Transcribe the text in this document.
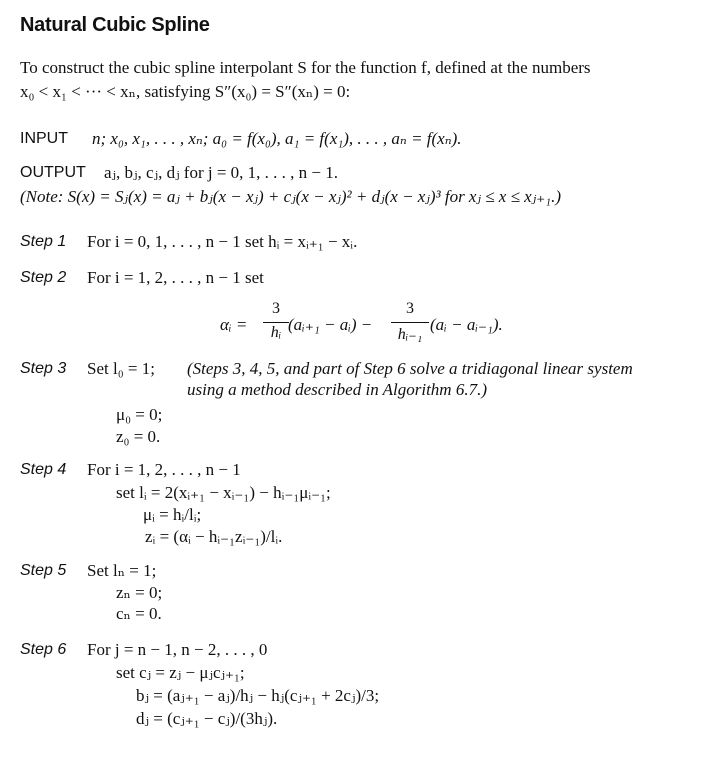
Natural Cubic Spline
To construct the cubic spline interpolant S for the function f, defined at the numbers
x₀ < x₁ < ··· < xₙ, satisfying S″(x₀) = S″(xₙ) = 0:
INPUT n; x₀, x₁, . . . , xₙ; a₀ = f(x₀), a₁ = f(x₁), . . . , aₙ = f(xₙ).
OUTPUT aⱼ, bⱼ, cⱼ, dⱼ for j = 0, 1, . . . , n − 1.
(Note: S(x) = Sⱼ(x) = aⱼ + bⱼ(x − xⱼ) + cⱼ(x − xⱼ)² + dⱼ(x − xⱼ)³ for xⱼ ≤ x ≤ xⱼ₊₁.)
Step 1 For i = 0, 1, . . . , n − 1 set hᵢ = xᵢ₊₁ − xᵢ.
Step 2 For i = 1, 2, . . . , n − 1 set
αᵢ =
3
hᵢ (aᵢ₊₁ − aᵢ) −
3
hᵢ₋₁
(aᵢ − aᵢ₋₁).
Step 3 Set l₀ = 1; (Steps 3, 4, 5, and part of Step 6 solve a tridiagonal linear system
using a method described in Algorithm 6.7.)
μ₀ = 0;
z₀ = 0.
Step 4 For i = 1, 2, . . . , n − 1
set lᵢ = 2(xᵢ₊₁ − xᵢ₋₁) − hᵢ₋₁μᵢ₋₁;
μᵢ = hᵢ/lᵢ;
zᵢ = (αᵢ − hᵢ₋₁zᵢ₋₁)/lᵢ.
Step 5 Set lₙ = 1;
zₙ = 0;
cₙ = 0.
Step 6 For j = n − 1, n − 2, . . . , 0
set cⱼ = zⱼ − μⱼcⱼ₊₁;
bⱼ = (aⱼ₊₁ − aⱼ)/hⱼ − hⱼ(cⱼ₊₁ + 2cⱼ)/3;
dⱼ = (cⱼ₊₁ − cⱼ)/(3hⱼ).
